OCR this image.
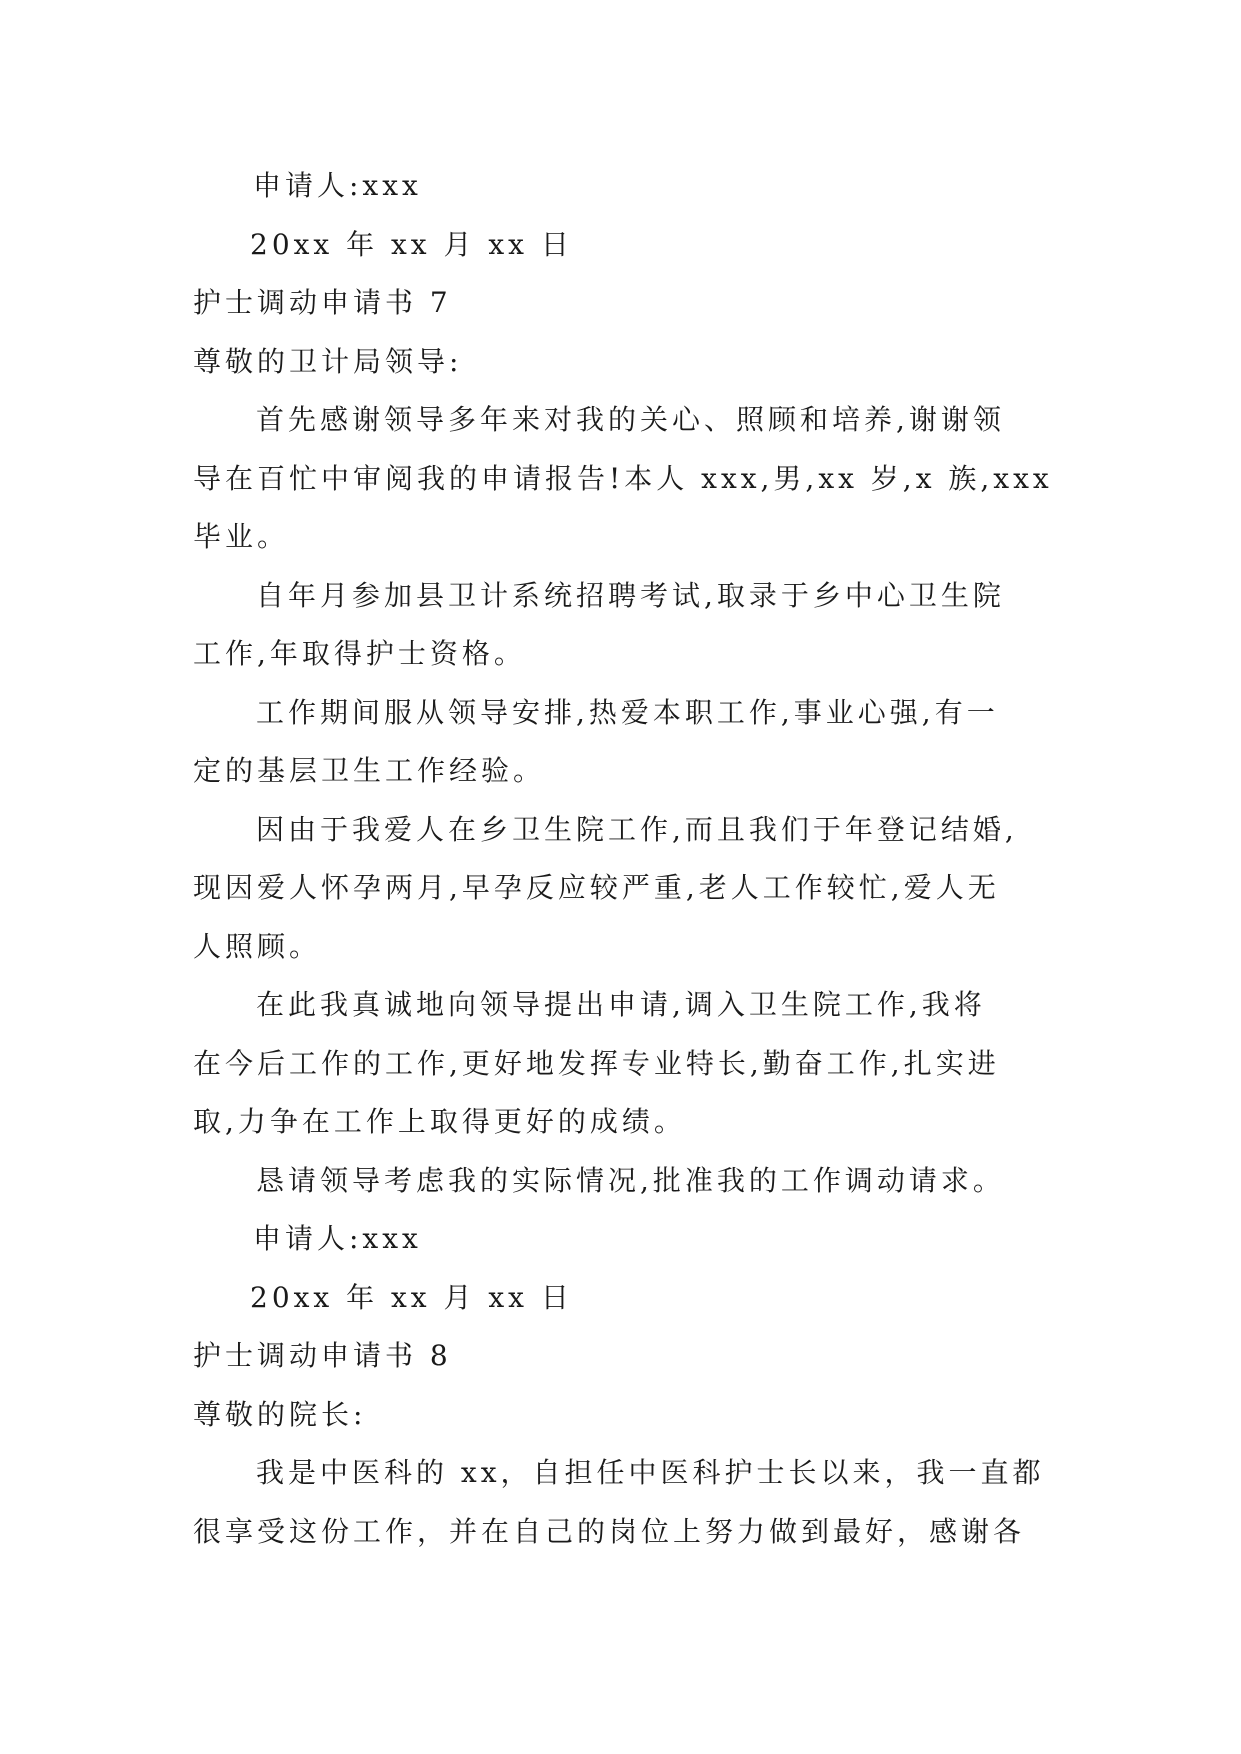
申请人:xxx
20xx 年 xx 月 xx 日
护士调动申请书 7
尊敬的卫计局领导:
首先感谢领导多年来对我的关心、照顾和培养,谢谢领
导在百忙中审阅我的申请报告!本人 xxx,男,xx 岁,x 族,xxx
毕业。
自年月参加县卫计系统招聘考试,取录于乡中心卫生院
工作,年取得护士资格。
工作期间服从领导安排,热爱本职工作,事业心强,有一
定的基层卫生工作经验。
因由于我爱人在乡卫生院工作,而且我们于年登记结婚,
现因爱人怀孕两月,早孕反应较严重,老人工作较忙,爱人无
人照顾。
在此我真诚地向领导提出申请,调入卫生院工作,我将
在今后工作的工作,更好地发挥专业特长,勤奋工作,扎实进
取,力争在工作上取得更好的成绩。
恳请领导考虑我的实际情况,批准我的工作调动请求。
申请人:xxx
20xx 年 xx 月 xx 日
护士调动申请书 8
尊敬的院长:
我是中医科的 xx，自担任中医科护士长以来，我一直都
很享受这份工作，并在自己的岗位上努力做到最好，感谢各
